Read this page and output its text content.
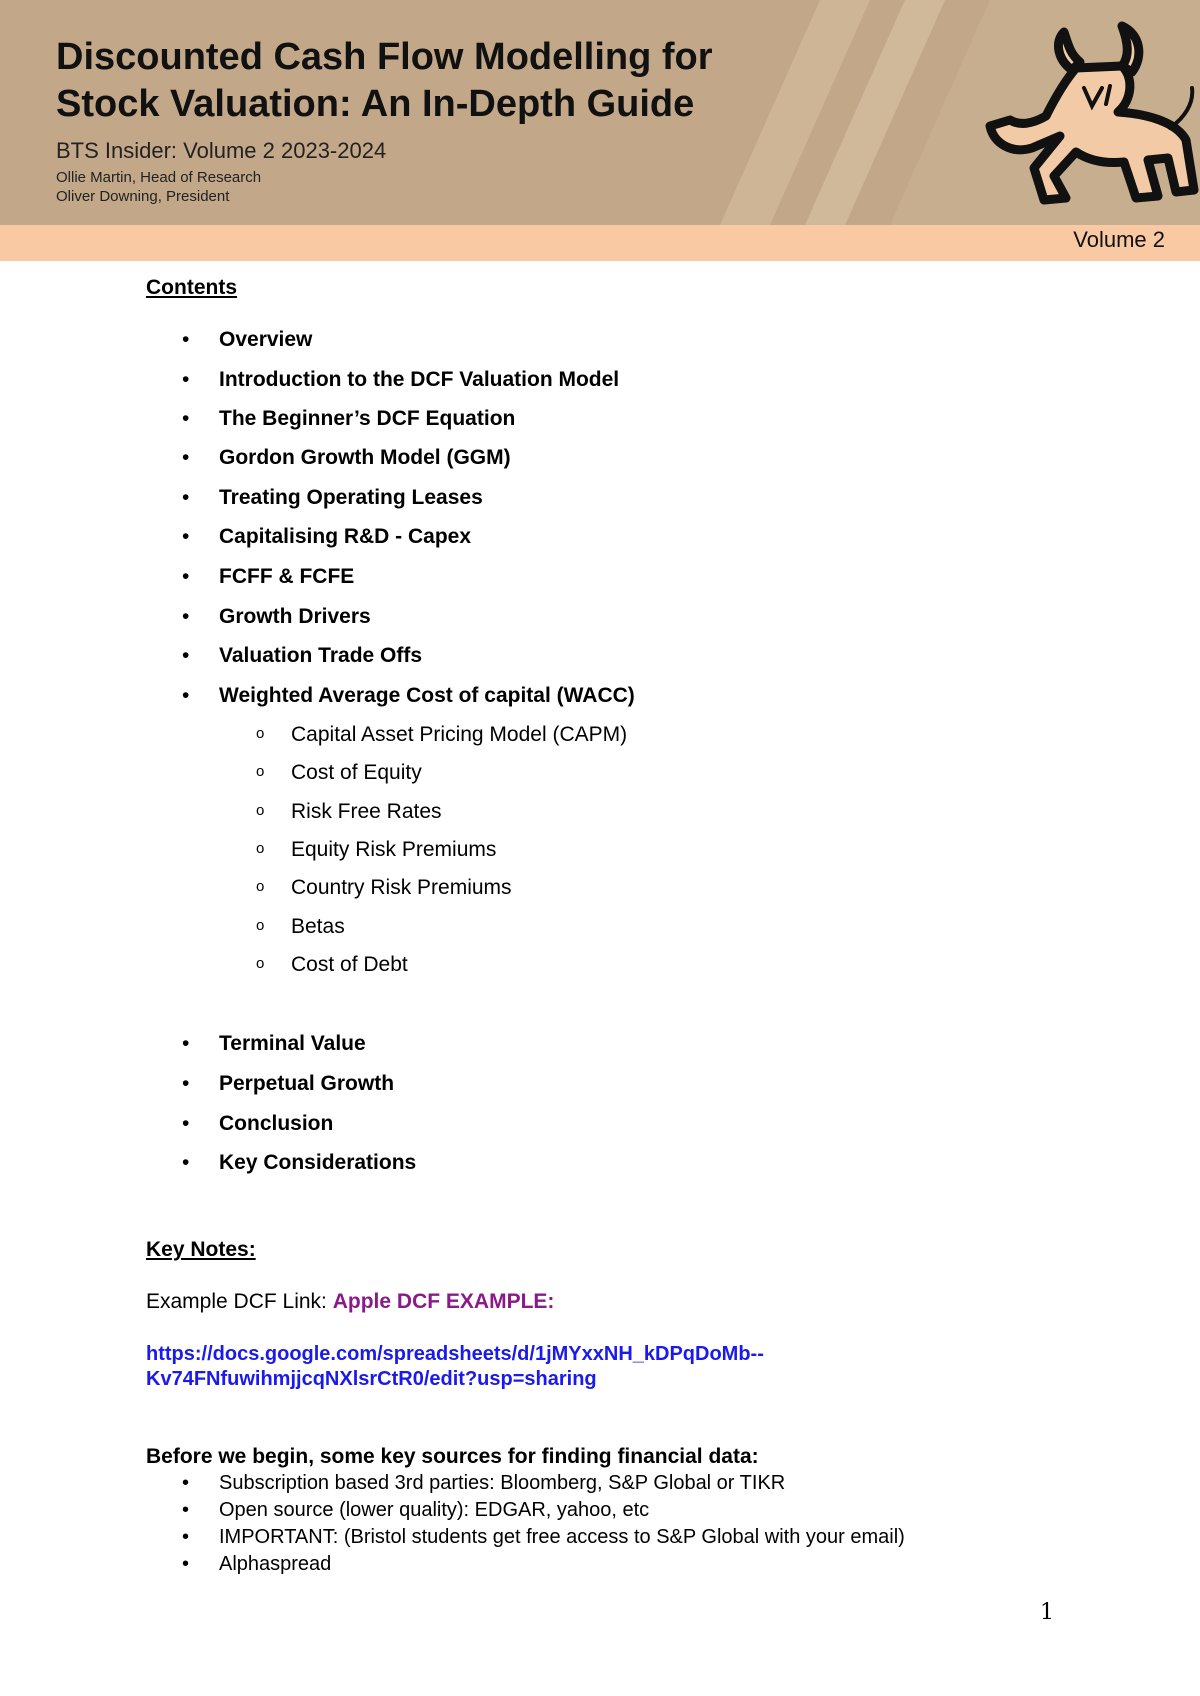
Discounted Cash Flow Modelling for
Stock Valuation: An In-Depth Guide
BTS Insider: Volume 2 2023-2024
Ollie Martin, Head of Research
Oliver Downing, President
Volume 2
Contents
• Overview
• Introduction to the DCF Valuation Model
• The Beginner’s DCF Equation
• Gordon Growth Model (GGM)
• Treating Operating Leases
• Capitalising R&D - Capex
• FCFF & FCFE
• Growth Drivers
• Valuation Trade Offs
• Weighted Average Cost of capital (WACC)
o Capital Asset Pricing Model (CAPM)
o Cost of Equity
o Risk Free Rates
o Equity Risk Premiums
o Country Risk Premiums
o Betas
o Cost of Debt
• Terminal Value
• Perpetual Growth
• Conclusion
• Key Considerations
Key Notes:
Example DCF Link: Apple DCF EXAMPLE:
https://docs.google.com/spreadsheets/d/1jMYxxNH_kDPqDoMb--
Kv74FNfuwihmjjcqNXlsrCtR0/edit?usp=sharing
Before we begin, some key sources for finding financial data:
• Subscription based 3rd parties: Bloomberg, S&P Global or TIKR
• Open source (lower quality): EDGAR, yahoo, etc
• IMPORTANT: (Bristol students get free access to S&P Global with your email)
• Alphaspread
1
